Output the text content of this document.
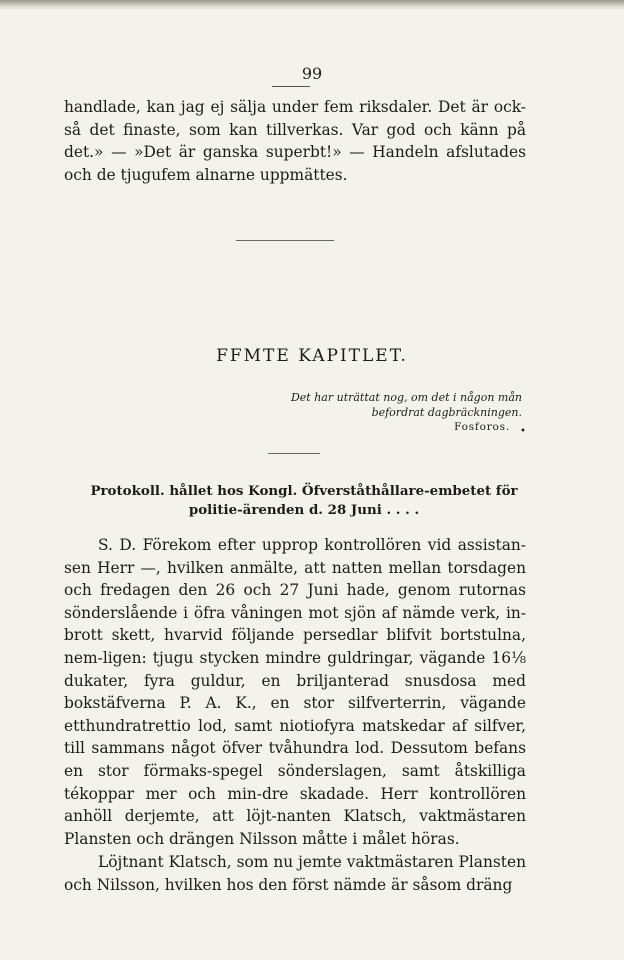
99

handlade, kan jag ej sälja under fem riksdaler. Det är ock-så det finaste, som kan tillverkas. Var god och känn på det.» — »Det är ganska superbt!» — Handeln afslutades och de tjugufem alnarne uppmättes.

FFMTE KAPITLET.
Det har uträttat nog, om det i någon mån
befordrat dagbräckningen.
Fosforos. •
Protokoll. hållet hos Kongl. Öfverståthållare-embetet för
politie-ärenden d. 28 Juni . . . .

S. D. Förekom efter upprop kontrollören vid assistan-sen Herr —, hvilken anmälte, att natten mellan torsdagen och fredagen den 26 och 27 Juni hade, genom rutornas sönderslående i öfra våningen mot sjön af nämde verk, in-brott skett, hvarvid följande persedlar blifvit bortstulna, nem-ligen: tjugu stycken mindre guldringar, vägande 16⅛ dukater, fyra guldur, en briljanterad snusdosa med bokstäfverna P. A. K., en stor silfverterrin, vägande etthundratrettio lod, samt niotiofyra matskedar af silfver, till sammans något öfver tvåhundra lod. Dessutom befans en stor förmaks-spegel sönderslagen, samt åtskilliga tékoppar mer och min-dre skadade. Herr kontrollören anhöll derjemte, att löjt-nanten Klatsch, vaktmästaren Plansten och drängen Nilsson måtte i målet höras.

Löjtnant Klatsch, som nu jemte vaktmästaren Plansten och Nilsson, hvilken hos den först nämde är såsom dräng
